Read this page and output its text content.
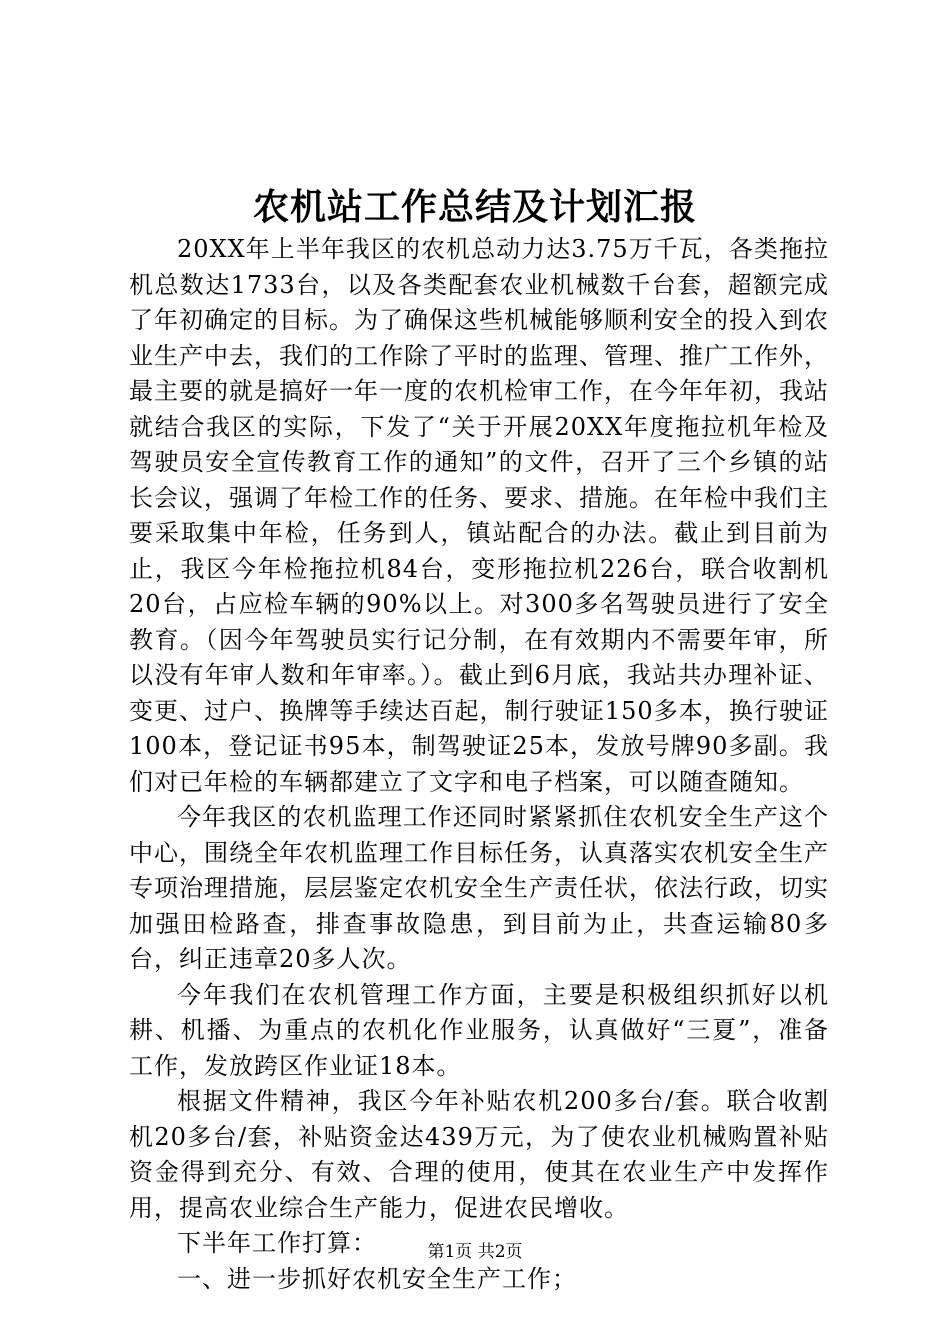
农机站工作总结及计划汇报

20XX年上半年我区的农机总动力达3.75万千瓦，各类拖拉机总数达1733台，以及各类配套农业机械数千台套，超额完成了年初确定的目标。为了确保这些机械能够顺利安全的投入到农业生产中去，我们的工作除了平时的监理、管理、推广工作外，最主要的就是搞好一年一度的农机检审工作，在今年年初，我站就结合我区的实际，下发了“关于开展20XX年度拖拉机年检及驾驶员安全宣传教育工作的通知”的文件，召开了三个乡镇的站长会议，强调了年检工作的任务、要求、措施。在年检中我们主要采取集中年检，任务到人，镇站配合的办法。截止到目前为止，我区今年检拖拉机84台，变形拖拉机226台，联合收割机20台，占应检车辆的90%以上。对300多名驾驶员进行了安全教育。（因今年驾驶员实行记分制，在有效期内不需要年审，所以没有年审人数和年审率。）。截止到6月底，我站共办理补证、变更、过户、换牌等手续达百起，制行驶证150多本，换行驶证100本，登记证书95本，制驾驶证25本，发放号牌90多副。我们对已年检的车辆都建立了文字和电子档案，可以随查随知。

今年我区的农机监理工作还同时紧紧抓住农机安全生产这个中心，围绕全年农机监理工作目标任务，认真落实农机安全生产专项治理措施，层层鉴定农机安全生产责任状，依法行政，切实加强田检路查，排查事故隐患，到目前为止，共查运输80多台，纠正违章20多人次。

今年我们在农机管理工作方面，主要是积极组织抓好以机耕、机播、为重点的农机化作业服务，认真做好“三夏”，准备工作，发放跨区作业证18本。

根据文件精神，我区今年补贴农机200多台/套。联合收割机20多台/套，补贴资金达439万元，为了使农业机械购置补贴资金得到充分、有效、合理的使用，使其在农业生产中发挥作用，提高农业综合生产能力，促进农民增收。

下半年工作打算：

一、进一步抓好农机安全生产工作；

第1页 共2页
